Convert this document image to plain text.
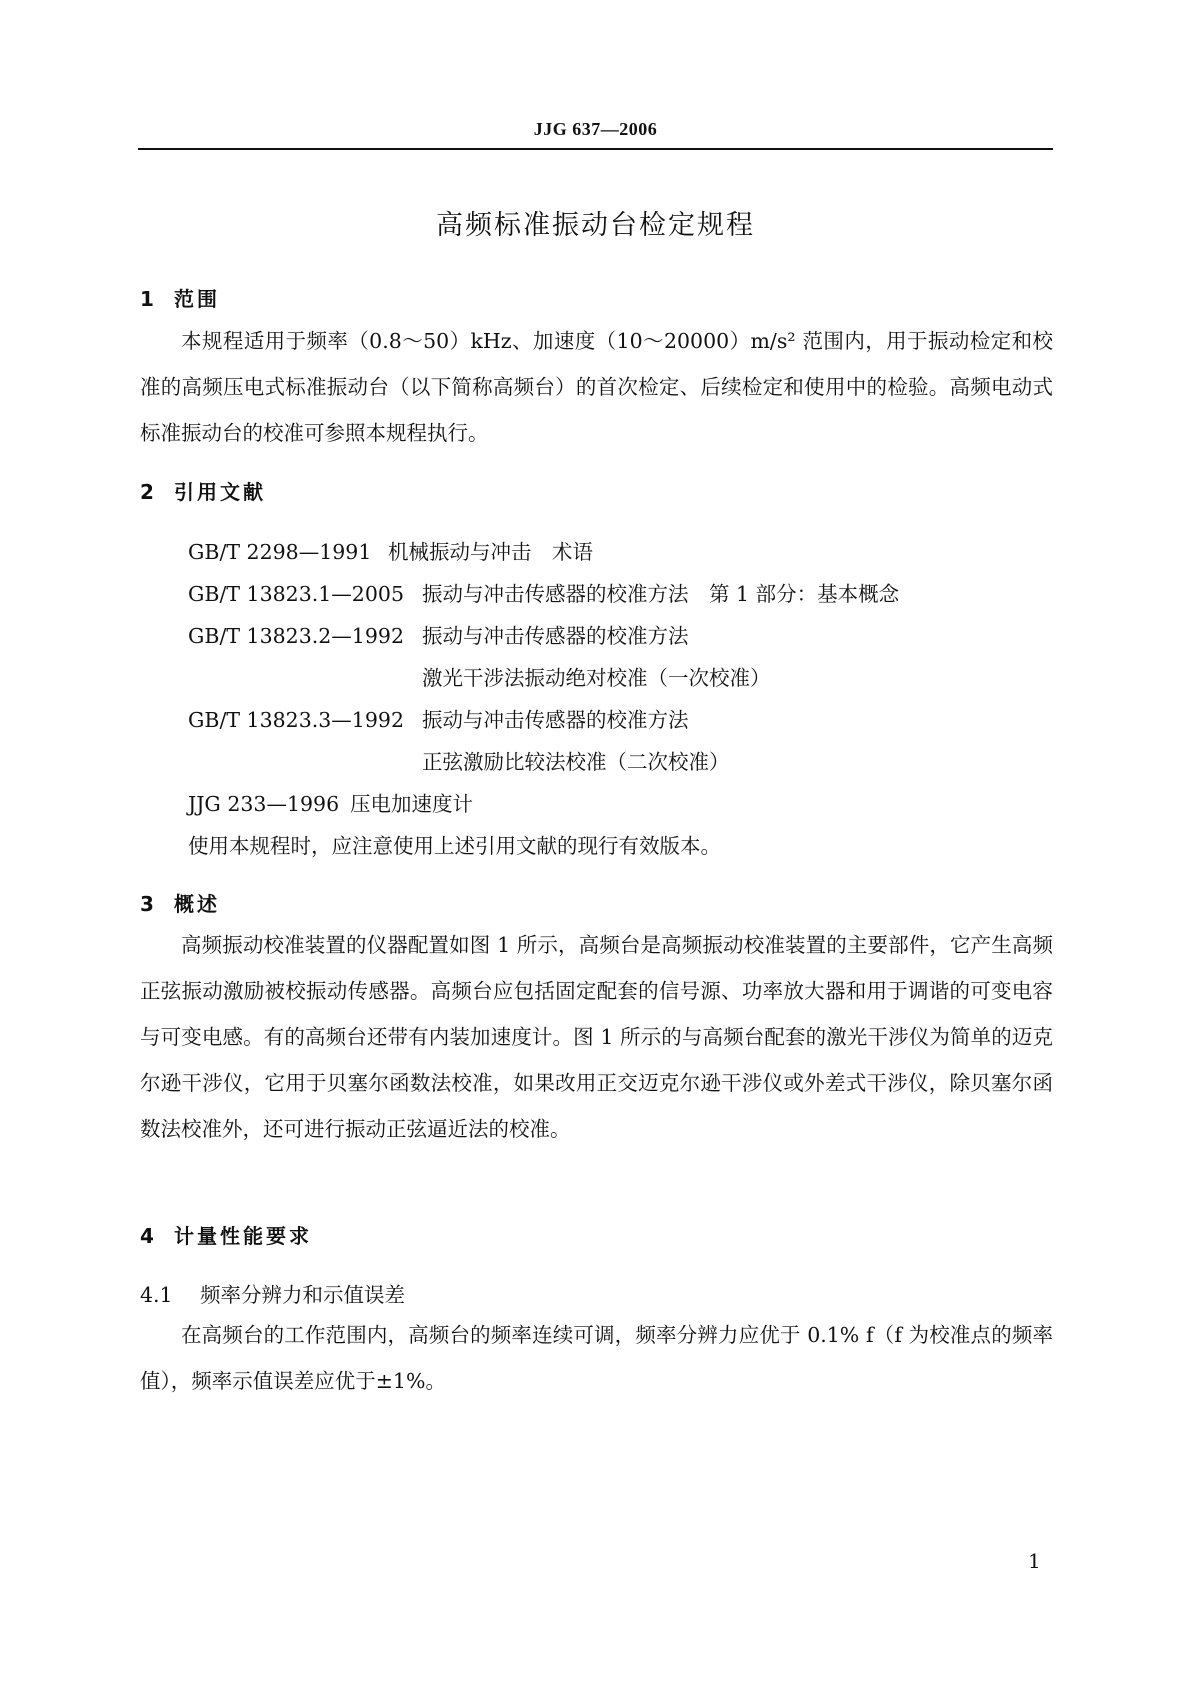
JJG 637—2006
高频标准振动台检定规程
1 范围

本规程适用于频率（0.8～50）kHz、加速度（10～20000）m/s² 范围内，用于振动检定和校准的高频压电式标准振动台（以下简称高频台）的首次检定、后续检定和使用中的检验。高频电动式标准振动台的校准可参照本规程执行。

2 引用文献
GB/T 2298—1991 机械振动与冲击　术语
GB/T 13823.1—2005 振动与冲击传感器的校准方法　第 1 部分：基本概念
GB/T 13823.2—1992 振动与冲击传感器的校准方法
激光干涉法振动绝对校准（一次校准）
GB/T 13823.3—1992 振动与冲击传感器的校准方法
正弦激励比较法校准（二次校准）
JJG 233—1996 压电加速度计
使用本规程时，应注意使用上述引用文献的现行有效版本。
3 概述

高频振动校准装置的仪器配置如图 1 所示，高频台是高频振动校准装置的主要部件，它产生高频正弦振动激励被校振动传感器。高频台应包括固定配套的信号源、功率放大器和用于调谐的可变电容与可变电感。有的高频台还带有内装加速度计。图 1 所示的与高频台配套的激光干涉仪为简单的迈克尔逊干涉仪，它用于贝塞尔函数法校准，如果改用正交迈克尔逊干涉仪或外差式干涉仪，除贝塞尔函数法校准外，还可进行振动正弦逼近法的校准。

4 计量性能要求
4.1 频率分辨力和示值误差

在高频台的工作范围内，高频台的频率连续可调，频率分辨力应优于 0.1% f（f 为校准点的频率值），频率示值误差应优于±1%。

1
